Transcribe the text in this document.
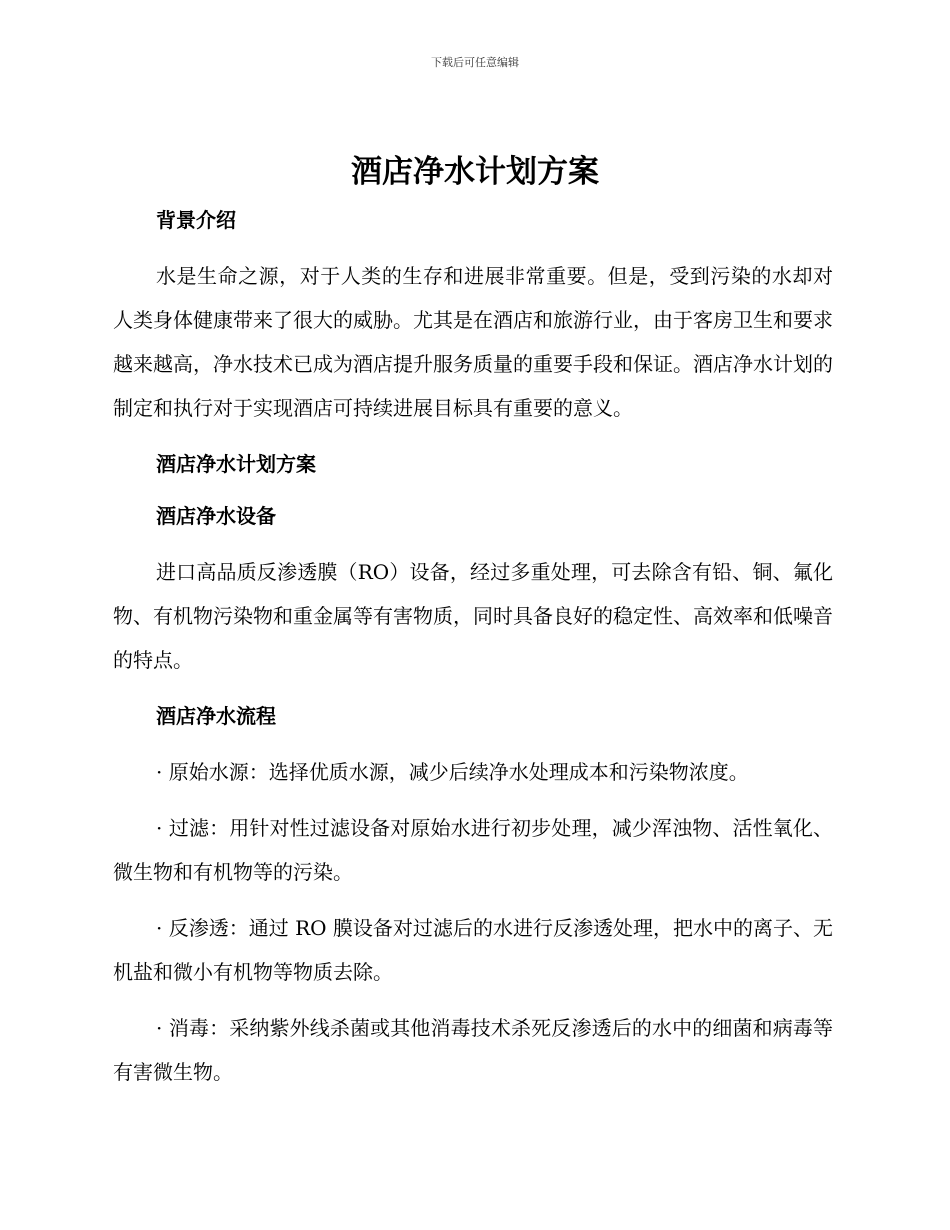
下载后可任意编辑
酒店净水计划方案
背景介绍

水是生命之源，对于人类的生存和进展非常重要。但是，受到污染的水却对人类身体健康带来了很大的威胁。尤其是在酒店和旅游行业，由于客房卫生和要求越来越高，净水技术已成为酒店提升服务质量的重要手段和保证。酒店净水计划的制定和执行对于实现酒店可持续进展目标具有重要的意义。

酒店净水计划方案
酒店净水设备

进口高品质反渗透膜（RO）设备，经过多重处理，可去除含有铅、铜、氟化物、有机物污染物和重金属等有害物质，同时具备良好的稳定性、高效率和低噪音的特点。

酒店净水流程

· 原始水源：选择优质水源，减少后续净水处理成本和污染物浓度。

· 过滤：用针对性过滤设备对原始水进行初步处理，减少浑浊物、活性氧化、微生物和有机物等的污染。

· 反渗透：通过 RO 膜设备对过滤后的水进行反渗透处理，把水中的离子、无机盐和微小有机物等物质去除。

· 消毒：采纳紫外线杀菌或其他消毒技术杀死反渗透后的水中的细菌和病毒等有害微生物。
